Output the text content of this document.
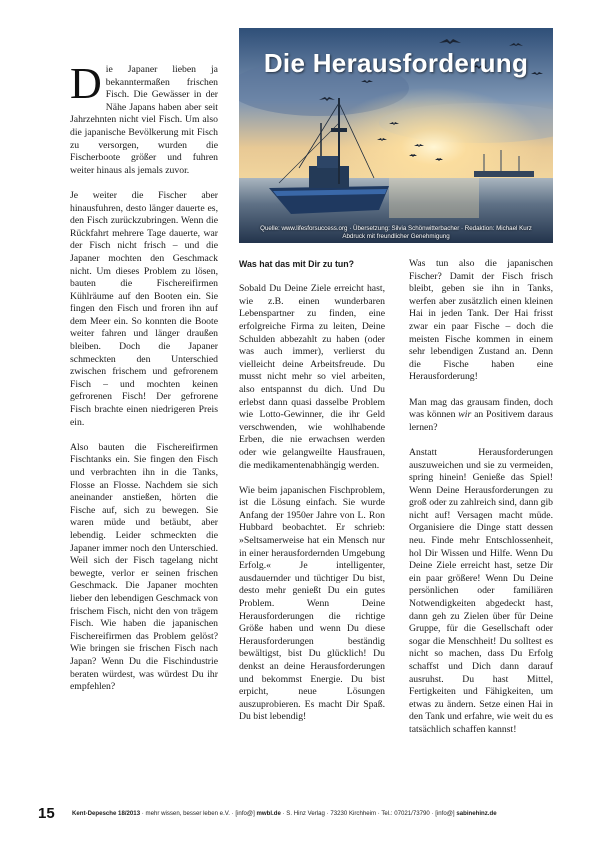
Die Japaner lieben ja bekanntermaßen frischen Fisch. Die Gewässer in der Nähe Japans haben aber seit Jahrzehnten nicht viel Fisch. Um also die japanische Bevölkerung mit Fisch zu versorgen, wurden die Fischerboote größer und fuhren weiter hinaus als jemals zuvor.

Je weiter die Fischer aber hinausfuhren, desto länger dauerte es, den Fisch zurückzubringen. Wenn die Rückfahrt mehrere Tage dauerte, war der Fisch nicht frisch – und die Japaner mochten den Geschmack nicht. Um dieses Problem zu lösen, bauten die Fischereifirmen Kühlräume auf den Booten ein. Sie fingen den Fisch und froren ihn auf dem Meer ein. So konnten die Boote weiter fahren und länger draußen bleiben. Doch die Japaner schmeckten den Unterschied zwischen frischem und gefrorenem Fisch – und mochten keinen gefrorenen Fisch! Der gefrorene Fisch brachte einen niedrigeren Preis ein.

Also bauten die Fischereifirmen Fischtanks ein. Sie fingen den Fisch und verbrachten ihn in die Tanks, Flosse an Flosse. Nachdem sie sich aneinander anstießen, hörten die Fische auf, sich zu bewegen. Sie waren müde und betäubt, aber lebendig. Leider schmeckten die Japaner immer noch den Unterschied. Weil sich der Fisch tagelang nicht bewegte, verlor er seinen frischen Geschmack. Die Japaner mochten lieber den lebendigen Geschmack von frischem Fisch, nicht den von trägem Fisch. Wie haben die japanischen Fischereifirmen das Problem gelöst? Wie bringen sie frischen Fisch nach Japan? Wenn Du die Fischindustrie beraten würdest, was würdest Du ihr empfehlen?

Die Herausforderung
Quelle: www.lifesforsuccess.org · Übersetzung: Silvia Schönwitterbacher · Redaktion: Michael Kurz
Abdruck mit freundlicher Genehmigung

Was hat das mit Dir zu tun?

Sobald Du Deine Ziele erreicht hast, wie z.B. einen wunderbaren Lebenspartner zu finden, eine erfolgreiche Firma zu leiten, Deine Schulden abbezahlt zu haben (oder was auch immer), verlierst du vielleicht deine Arbeitsfreude. Du musst nicht mehr so viel arbeiten, also entspannst du dich. Und Du erlebst dann quasi dasselbe Problem wie Lotto-Gewinner, die ihr Geld verschwenden, wie wohlhabende Erben, die nie erwachsen werden oder wie gelangweilte Hausfrauen, die medikamentenabhängig werden.

Wie beim japanischen Fischproblem, ist die Lösung einfach. Sie wurde Anfang der 1950er Jahre von L. Ron Hubbard beobachtet. Er schrieb: »Seltsamerweise hat ein Mensch nur in einer herausfordernden Umgebung Erfolg.« Je intelligenter, ausdauernder und tüchtiger Du bist, desto mehr genießt Du ein gutes Problem. Wenn Deine Herausforderungen die richtige Größe haben und wenn Du diese Herausforderungen beständig bewältigst, bist Du glücklich! Du denkst an deine Herausforderungen und bekommst Energie. Du bist erpicht, neue Lösungen auszuprobieren. Es macht Dir Spaß. Du bist lebendig!

Was tun also die japanischen Fischer? Damit der Fisch frisch bleibt, geben sie ihn in Tanks, werfen aber zusätzlich einen kleinen Hai in jeden Tank. Der Hai frisst zwar ein paar Fische – doch die meisten Fische kommen in einem sehr lebendigen Zustand an. Denn die Fische haben eine Herausforderung!

Man mag das grausam finden, doch was können wir an Positivem daraus lernen?

Anstatt Herausforderungen auszuweichen und sie zu vermeiden, spring hinein! Genieße das Spiel! Wenn Deine Herausforderungen zu groß oder zu zahlreich sind, dann gib nicht auf! Versagen macht müde. Organisiere die Dinge statt dessen neu. Finde mehr Entschlossenheit, hol Dir Wissen und Hilfe. Wenn Du Deine Ziele erreicht hast, setze Dir ein paar größere! Wenn Du Deine persönlichen oder familiären Notwendigkeiten abgedeckt hast, dann geh zu Zielen über für Deine Gruppe, für die Gesellschaft oder sogar die Menschheit! Du solltest es nicht so machen, dass Du Erfolg schaffst und Dich dann darauf ausruhst. Du hast Mittel, Fertigkeiten und Fähigkeiten, um etwas zu ändern. Setze einen Hai in den Tank und erfahre, wie weit du es tatsächlich schaffen kannst!

15	Kent-Depesche 18/2013 · mehr wissen, besser leben e.V. · [info@] mwbl.de · S. Hinz Verlag · 73230 Kirchheim · Tel.: 07021/73790 · [info@] sabinehinz.de
